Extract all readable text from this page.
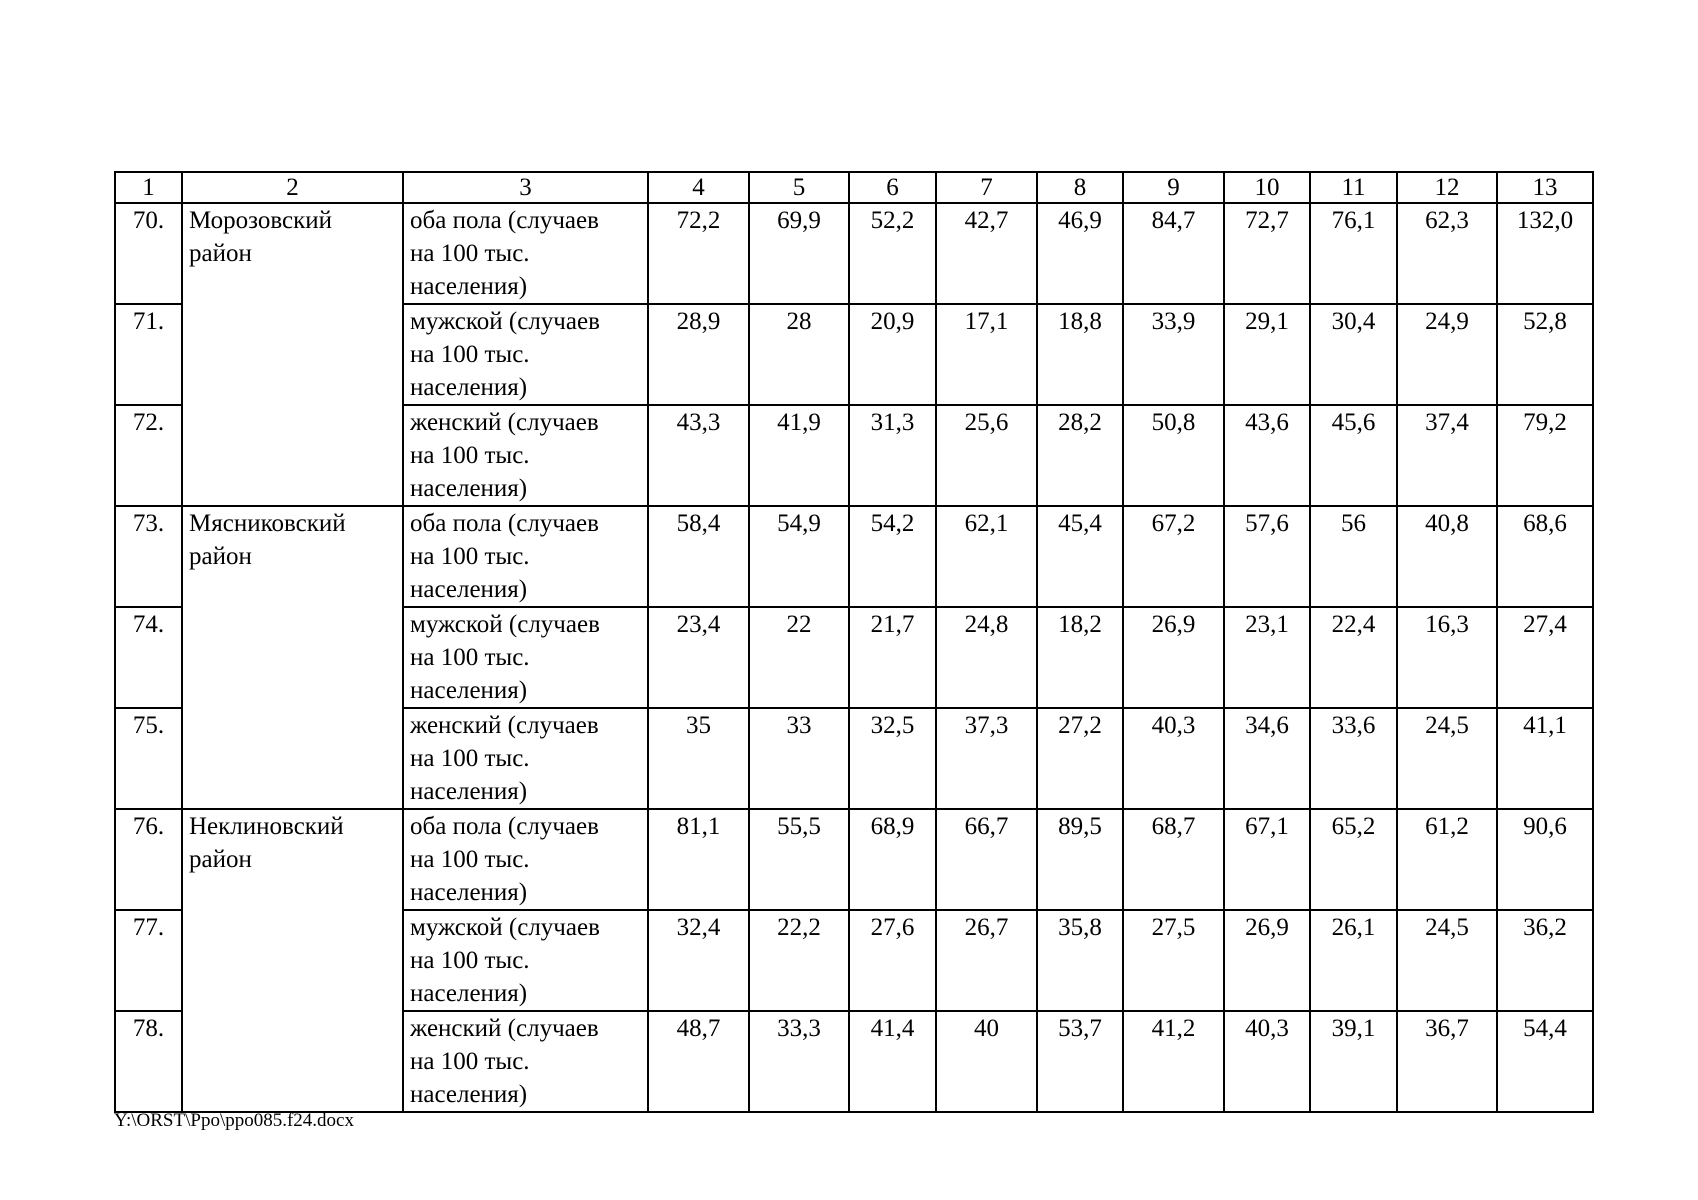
1	2	3	4	5	6	7	8	9	10	11	12	13
70.	Морозовский район	оба пола (случаев
на 100 тыс.
населения)	72,2	69,9	52,2	42,7	46,9	84,7	72,7	76,1	62,3	132,0
71.		мужской (случаев
на 100 тыс.
населения)	28,9	28	20,9	17,1	18,8	33,9	29,1	30,4	24,9	52,8
72.		женский (случаев
на 100 тыс.
населения)	43,3	41,9	31,3	25,6	28,2	50,8	43,6	45,6	37,4	79,2
73.	Мясниковский район	оба пола (случаев
на 100 тыс.
населения)	58,4	54,9	54,2	62,1	45,4	67,2	57,6	56	40,8	68,6
74.		мужской (случаев
на 100 тыс.
населения)	23,4	22	21,7	24,8	18,2	26,9	23,1	22,4	16,3	27,4
75.		женский (случаев
на 100 тыс.
населения)	35	33	32,5	37,3	27,2	40,3	34,6	33,6	24,5	41,1
76.	Неклиновский район	оба пола (случаев
на 100 тыс.
населения)	81,1	55,5	68,9	66,7	89,5	68,7	67,1	65,2	61,2	90,6
77.		мужской (случаев
на 100 тыс.
населения)	32,4	22,2	27,6	26,7	35,8	27,5	26,9	26,1	24,5	36,2
78.		женский (случаев
на 100 тыс.
населения)	48,7	33,3	41,4	40	53,7	41,2	40,3	39,1	36,7	54,4
Y:\ORST\Ppo\ppo085.f24.docx
